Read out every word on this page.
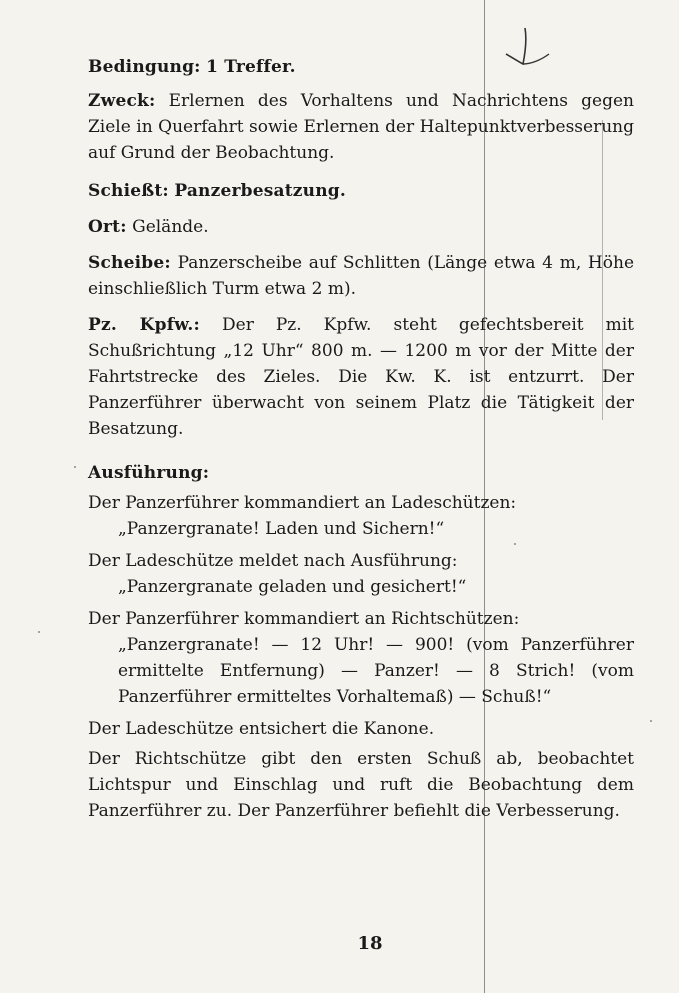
Bedingung: 1 Treffer.

Zweck: Erlernen des Vorhaltens und Nachrichtens gegen Ziele in Querfahrt sowie Erlernen der Haltepunktverbesserung auf Grund der Beobachtung.

Schießt: Panzerbesatzung.

Ort: Gelände.

Scheibe: Panzerscheibe auf Schlitten (Länge etwa 4 m, Höhe einschließlich Turm etwa 2 m).

Pz. Kpfw.: Der Pz. Kpfw. steht gefechtsbereit mit Schußrichtung „12 Uhr“ 800 m. — 1200 m vor der Mitte der Fahrtstrecke des Zieles. Die Kw. K. ist entzurrt. Der Panzerführer überwacht von seinem Platz die Tätigkeit der Besatzung.

Ausführung:

Der Panzerführer kommandiert an Ladeschützen:

„Panzergranate! Laden und Sichern!“

Der Ladeschütze meldet nach Ausführung:

„Panzergranate geladen und gesichert!“

Der Panzerführer kommandiert an Richtschützen:

„Panzergranate! — 12 Uhr! — 900! (vom Panzerführer ermittelte Entfernung) — Panzer! — 8 Strich! (vom Panzerführer ermitteltes Vorhaltemaß) — Schuß!“

Der Ladeschütze entsichert die Kanone.

Der Richtschütze gibt den ersten Schuß ab, beobachtet Lichtspur und Einschlag und ruft die Beobachtung dem Panzerführer zu. Der Panzerführer befiehlt die Verbesserung.

18
